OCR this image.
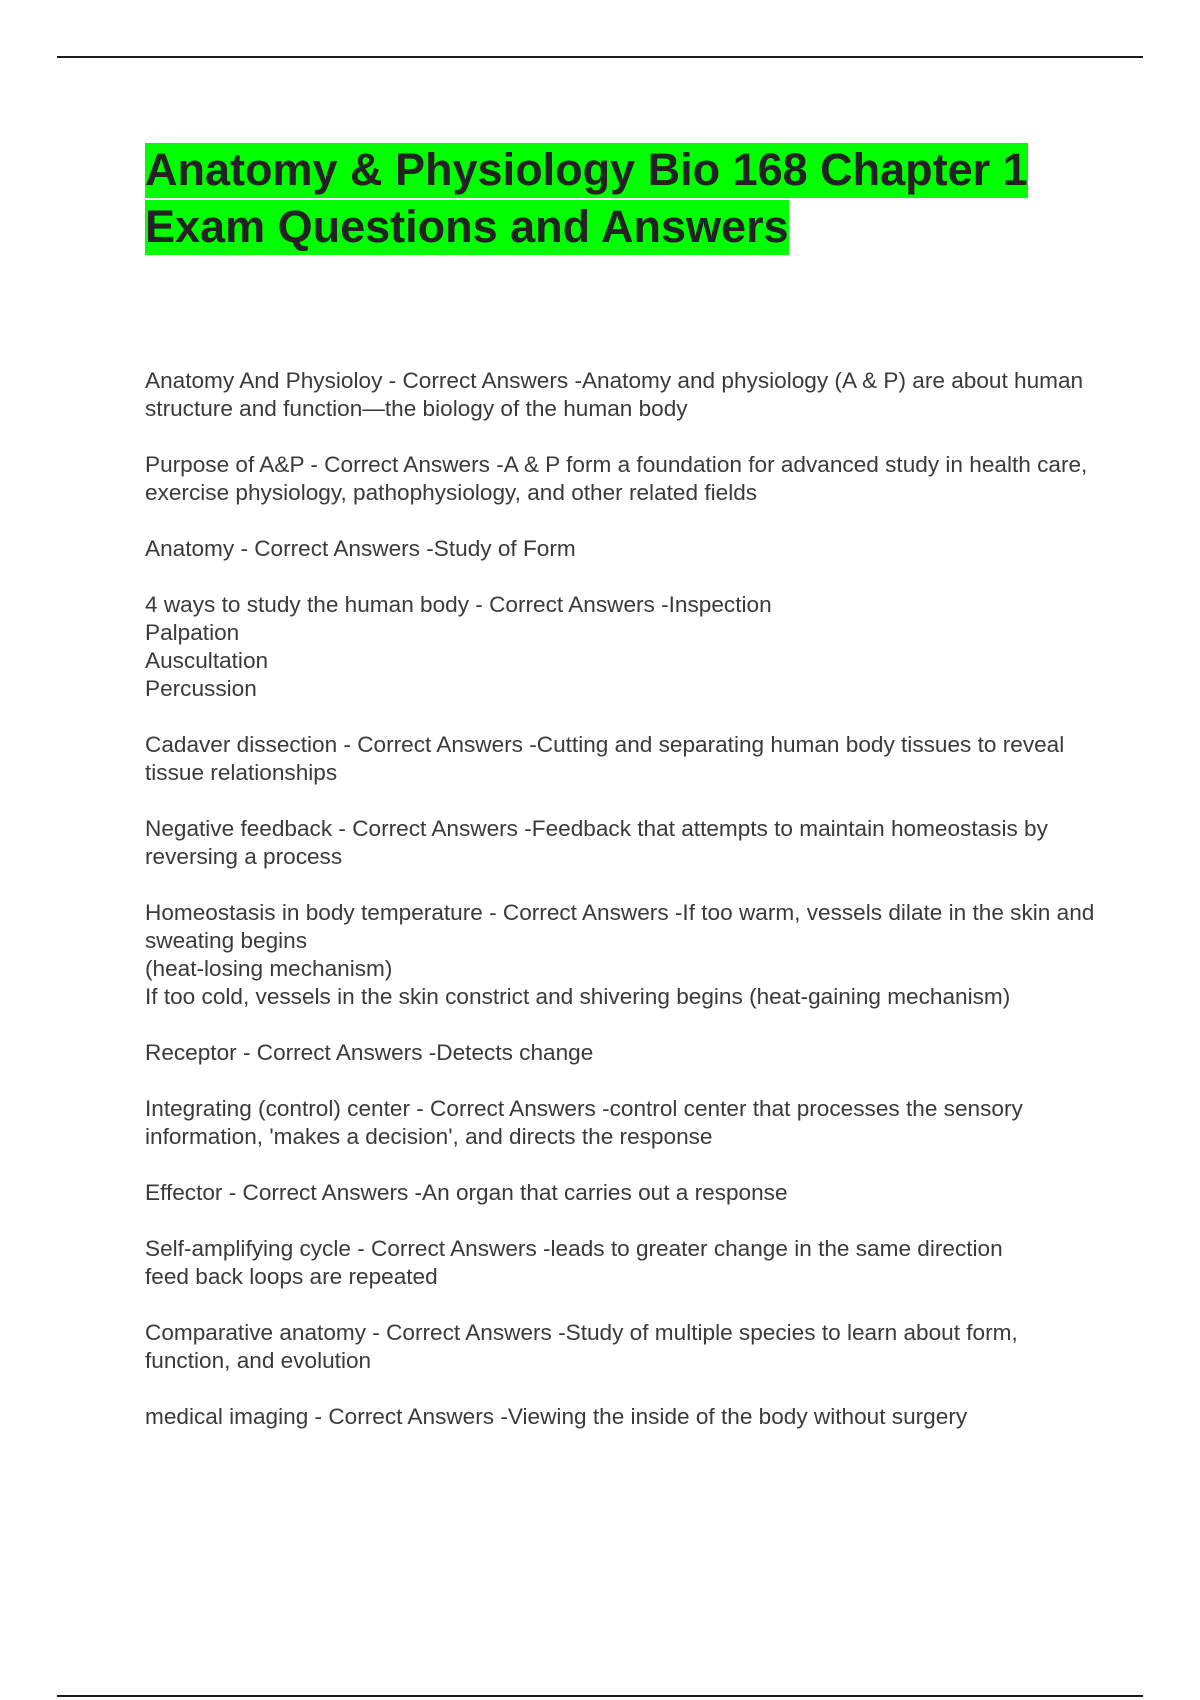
Anatomy & Physiology Bio 168 Chapter 1 Exam Questions and Answers
Anatomy And Physioloy - Correct Answers -Anatomy and physiology (A & P) are about human structure and function—the biology of the human body
Purpose of A&P - Correct Answers -A & P form a foundation for advanced study in health care, exercise physiology, pathophysiology, and other related fields
Anatomy - Correct Answers -Study of Form
4 ways to study the human body - Correct Answers -Inspection
Palpation
Auscultation
Percussion
Cadaver dissection - Correct Answers -Cutting and separating human body tissues to reveal tissue relationships
Negative feedback - Correct Answers -Feedback that attempts to maintain homeostasis by reversing a process
Homeostasis in body temperature - Correct Answers -If too warm, vessels dilate in the skin and sweating begins
(heat-losing mechanism)
If too cold, vessels in the skin constrict and shivering begins (heat-gaining mechanism)
Receptor - Correct Answers -Detects change
Integrating (control) center - Correct Answers -control center that processes the sensory information, 'makes a decision', and directs the response
Effector - Correct Answers -An organ that carries out a response
Self-amplifying cycle - Correct Answers -leads to greater change in the same direction
feed back loops are repeated
Comparative anatomy - Correct Answers -Study of multiple species to learn about form, function, and evolution
medical imaging - Correct Answers -Viewing the inside of the body without surgery
